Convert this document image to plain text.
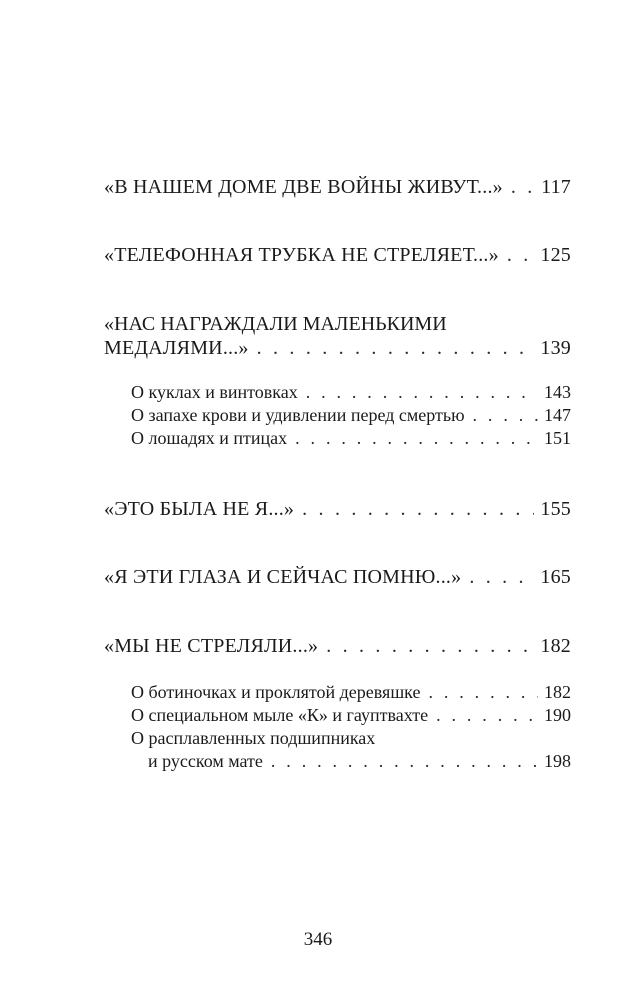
«В НАШЕМ ДОМЕ ДВЕ ВОЙНЫ ЖИВУТ...» . . . 117
«ТЕЛЕФОННАЯ ТРУБКА НЕ СТРЕЛЯЕТ...» . . . 125
«НАС НАГРАЖДАЛИ МАЛЕНЬКИМИ
МЕДАЛЯМИ...» . . .	139
О куклах и винтовках . . .	143
О запахе крови и удивлении перед смертью . . .	147
О лошадях и птицах . . .	151
«ЭТО БЫЛА НЕ Я...» . . .	155
«Я ЭТИ ГЛАЗА И СЕЙЧАС ПОМНЮ...» . . .	165
«МЫ НЕ СТРЕЛЯЛИ...» . . .	182
О ботиночках и проклятой деревяшке . . .	182
О специальном мыле «К» и гауптвахте . . .	190
О расплавленных подшипниках
и русском мате . . .	198
346
